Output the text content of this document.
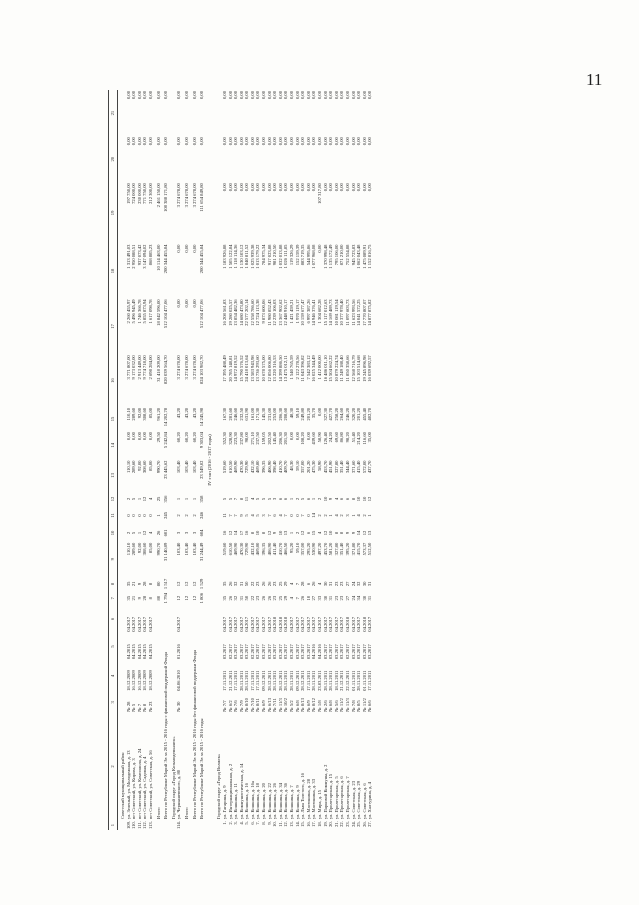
11
1	2	3	4	5	6	7	8	9	10	11	12	13	14	15	16	17	18	19	20	21
	Советский муниципальный район																			
109.	ул. Зеленый, ул. Молодежная, д. 13	№ 28	18.12.2009	04.2015	04.2017	35	35	110,10	2	0	2	110,10	0,00	110,10	3 771 807,00	2 260 455,97	1 313 491,03	197 750,00	0,00	0,00
110.	пгт Советский, ул. Кирова, д. 3	№ 5	16.12.2009	04.2015	04.2017	21	21	289,60	5	0	5	289,60	0,00	289,60	9 173 032,00	5 496 945,49	2 950 088,51	724 000,00	0,00	0,00
111.	пгт Советский, ул. Комсомола, д. 24	№ 7	16.12.2009	04.2015	04.2017	9	9	92,00	1	0	1	92,00	0,00	92,00	2 913 449,00	1 746 366,78	937 073,42	230 000,00	0,00	0,00
112.	пгт Советский, ул. Садовая, д. 4	№ 8	18.12.2009	04.2015	04.2017	28	28	308,60	12	0	12	308,60	0,00	308,60	9 774 718,00	5 855 873,94	3 147 094,02	771 750,00	0,00	0,00
113.	пгт Советский, ул. Советская, д. 56	№ 23	18.12.2009	04.2015	04.2017	8	8	85,00	4	0	4	85,00	0,00	85,00	2 698 284,00	1 617 098,78	868 885,23	212 300,00	0,00	0,00
	Итого					80	80	990,70	26	1	25	990,70	29,50	961,20	31 418 209,00	18 842 596,00	10 114 463,00	2 461 150,00	0,00	0,00
	Всего по Республике Марий Эл за 2015 - 2016 годы с финансовой поддержкой Фонда					1 794	1 517	31 140,89	601	245	356	23 445,62	5 242,84	14 202,78	820 039 564,70	512 104 477,06	200 344 455,84	108 388 171,80	0,00	0,00
	Городской округ «Город Козьмодемьянск»																			
114.	ул. Чернышевского, д. 80	№ 30	04.06.2010	01.2016	04.2017	12	12	103,40	3	2	1	103,40	60,20	43,20	3 274 678,00	0,00	0,00	3 274 678,00	0,00	0,00
	Итого					12	12	103,40	3	2	1	103,40	60,20	43,20	3 274 678,00	0,00	0,00	3 274 678,00	0,00	0,00
	Всего по Республике Марий Эл за 2015 - 2016 годы без финансовой поддержки Фонда					12	12	103,40	3	2	1	103,40	60,20	43,20	3 274 678,00	0,00	0,00	3 274 678,00	0,00	0,00
	Всего по Республике Марий Эл за 2015 - 2016 годы					1 806	1 529	31 244,49	604	246	358	23 549,02	9 303,04	14 245,98	824 103 982,70	512 104 477,06	200 344 455,84	111 654 849,80	0,00	0,00
IV этап (2016 - 2017 годы)																				
	Городской округ «Город Волжск»																			
1.	ул. Гагарина, д. 9	№ 7/7	17.11.2011	03.2017	04.2017	35	35	519,60	16	11	5	519,60	352,30	167,30	17 395 488,49	16 208 561,83	1 183 926,88	0,00	0,00	0,00
2.	ул. Интернациональная, д. 2	№ 6/2	21.12.2011	02.2017	04.2017	26	26	610,50	12	7	5	610,50	328,90	281,60	20 785 148,81	19 280 025,57	1 505 122,84	0,00	0,00	0,00
3.	ул. Кошкина, д. 11	№ 7/6	17.11.2011	03.2017	04.2017	32	32	469,90	14	7	7	469,90	223,30	246,60	14 972 819,52	13 854 482,36	1 118 114,36	0,00	0,00	0,00
4.	ул. Коммунистическая, д. 14	№ 7/9	28.11.2011	03.2017	04.2017	31	31	470,30	17	9	8	470,30	237,80	232,50	15 790 576,52	14 680 473,80	1 130 103,12	0,00	0,00	0,00
5.	ул. Кошкина, д. 16	№ 8/10	28.11.2011	03.2017	04.2017	50	50	729,90	16	5	11	729,90	98,00	631,90	24 418 013,64	22 577 202,14	1 840 811,52	0,00	0,00	0,00
6.	ул. Кошкина, д. 16а	№ 7/10	17.11.2011	02.2017	04.2017	22	22	432,10	8	4	4	432,10	271,10	161,00	13 583 943,98	12 558 786,60	1 025 939,38	0,00	0,00	0,00
7.	ул. Кошкина, д. 18	№ 8/11	17.11.2011	02.2017	04.2017	23	23	469,80	10	5	5	469,80	237,50	171,30	13 736 293,60	12 724 113,38	1 013 179,22	0,00	0,00	0,00
8.	ул. Кошкина, д. 20	№ 6/9	09.12.2011	03.2017	04.2017	26	26	396,35	8	3	5	396,35	159,05	145,30	10 678 575,00	9 873 600,06	784 975,34	0,00	0,00	0,00
9.	ул. Кошкина, д. 22	№ 6/13	28.12.2011	03.2017	04.2017	26	26	406,90	12	7	5	406,90	202,50	231,00	12 856 006,80	11 980 852,43	917 023,88	0,00	0,00	0,00
10.	ул. Кошкина, д. 26	№ 7/11	28.11.2011	03.2017	04.2018	23	23	411,40	9	6	3	398,40	145,40	253,00	13 220 316,53	12 239 106,03	981 210,50	0,00	0,00	0,00
11.	ул. Кошкина, д. 34	№ 11/3	28.12.2011	03.2017	04.2018	25	25	410,70	10	4	6	410,70	206,30	206,30	14 399 886,50	13 367 902,62	1 032 013,88	0,00	0,00	0,00
12.	ул. Кошкина, д. 36	№ 10/2	28.11.2011	03.2017	04.2018	29	29	466,50	13	7	6	409,70	201,30	208,60	13 475 012,11	12 448 910,17	1 026 111,85	0,00	0,00	0,00
13.	ул. Кошкина, д. 7	№ 5/2	28.11.2011	03.2017	04.2017	4	4	95,20	1	0	1	48,30	0,00	48,30	1 540 765,59	1 421 459,21	119 326,29	0,00	0,00	0,00
14.	ул. Кошкина, д. 9	№ 6/8	09.12.2011	03.2017	04.2017	7	7	59,10	2	0	2	59,10	0,00	59,10	2 122 278,56	1 970 119,17	152 159,39	0,00	0,00	0,00
15.	ул. Льва Толстого, д. 16	№ 8/13	28.12.2011	03.2017	04.2017	26	28	357,00	12	7	5	357,00	108,20	249,80	11 043 396,82	10 159 677,47	883 719,35	0,00	0,00	0,00
16.	ул. Матюшина, д. 28	№ 6/9	17.11.2011	03.2017	04.2017	10	6	295,20	6	0	6	201,20	0,00	201,20	7 542 383,12	6 997 387,26	544 995,86	0,00	0,00	0,00
17.	ул. Матюшина, д. 33	№ 8/12	28.11.2011	04.2016	04.2017	27	26	530,90	15	14	1	475,30	439,60	35,70	16 025 344,49	14 946 376,41	1 077 968,08	0,00	0,00	0,00
18.	ул. Мира, д. 15	№ 1/8	23.03.2011	04.2016	04.2017	33	4	497,20	4	2	2	58,90	58,90	0,00	1 412 000,00	1 304 682,28	0,00	107 317,80	0,00	0,00
19.	ул. Парковой Коммуны, д. 2	№ 2/6	28.11.2011	03.2017	04.2017	30	30	453,70	12	2	10	453,70	126,40	327,30	16 486 011,10	15 117 012,63	1 370 998,48	0,00	0,00	0,00
20.	ул. Пролетарская, д. 15	№ 6/8	28.11.2011	03.2017	04.2017	31	31	581,20	10	1	9	451,90	24,20	427,70	15 504 662,22	14 169 489,73	1 135 172,49	0,00	0,00	0,00
21.	ул. Пролетарская, д. 5	№ 5/6	18.11.2011	03.2017	04.2017	23	23	327,80	8	4	4	327,80	69,60	258,20	10 879 224,74	10 081 119,54	795 106,00	0,00	0,00	0,00
22.	ул. Пролетарская, д. 6	№ 11/2	21.12.2011	03.2017	04.2017	23	23	351,40	8	2	6	351,40	86,80	264,60	11 249 188,40	10 377 978,40	871 210,00	0,00	0,00	0,00
23.	ул. Пролетарская, д. 7	№ 11/3	22.12.2011	02.2017	04.2018	27	27	395,20	9	3	6	344,40	98,20	246,20	11 850 358,66	11 097 603,73	752 554,88	0,00	0,00	0,00
24.	ул. Советская, д. 23	№ 7/8	01.11.2011	03.2017	04.2017	24	24	371,80	9	1	8	371,60	51,40	320,20	12 568 716,79	11 623 993,56	945 723,83	0,00	0,00	0,00
25.	ул. Советская, д. 29	№ 8/5	28.11.2011	03.2017	04.2017	34	32	415,70	14	4	10	415,40	214,20	201,20	15 103 514,68	14 041 572,25	1 062 043,48	0,00	0,00	0,00
26.	ул. Советская, д. 6	№ 11/2	01.11.2011	03.2017	04.2018	30	30	573,37	12	2	10	572,00	116,60	455,40	19 245 896,98	17 770 807,07	1 475 089,91	0,00	0,00	0,00
27.	ул. Халтурина, д. 4	№ 6/6	17.11.2011	03.2017	04.2017	31	31	512,50	13	1	12	437,70	35,00	402,70	16 039 692,57	14 877 875,82	1 152 816,75	0,00	0,00	0,00
